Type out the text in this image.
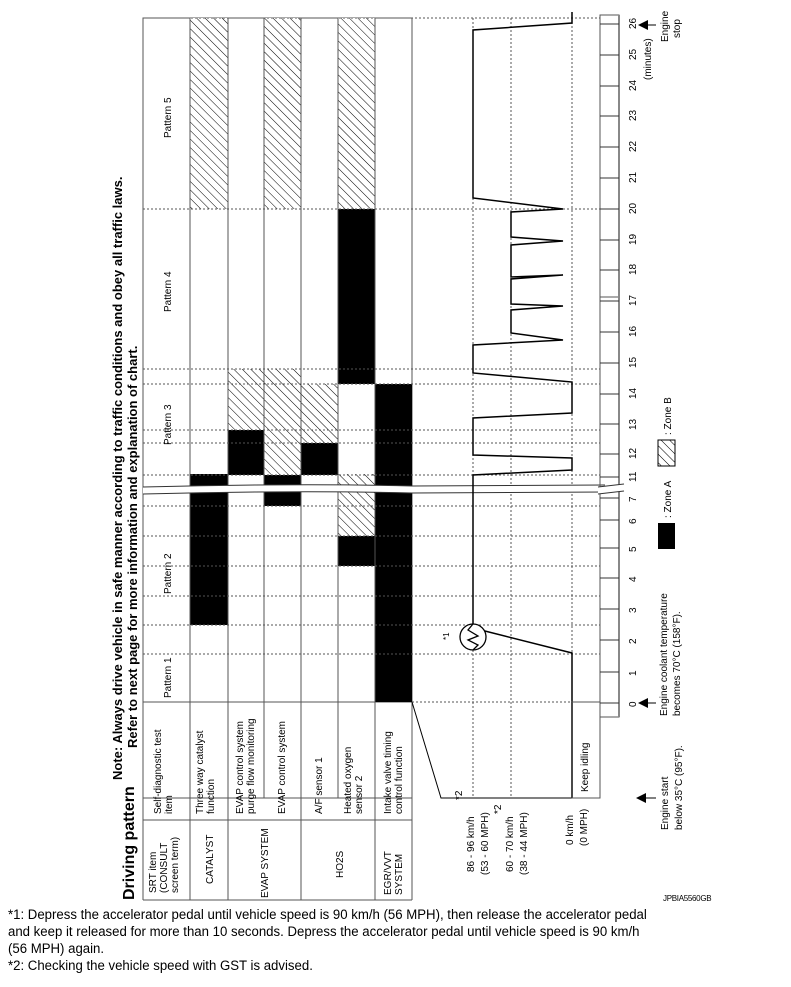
Driving pattern
Note: Always drive vehicle in safe manner according to traffic conditions and obey all traffic laws. Refer to next page for more information and explanation of chart. Pattern 1
Pattern 2
Pattern 3
Pattern 4
Pattern 5
SRT item (CONSULT screen term)
Self-diagnostic test item
CATALYST
Three way catalyst function
EVAP SYSTEM
EVAP control system purge flow monitoring EVAP control system
HO2S
A/F sensor 1 Heated oxygen sensor 2
EGR/VVT SYSTEM
Intake valve timing control function
*1
Keep idling
*2
86 - 96 km/h (53 - 60 MPH)
*2
60 - 70 km/h (38 - 44 MPH)	0 km/h (0 MPH)
0
1
2
3
4
5
6
7
11
12
13
14
15
16
17
18
19
20
21
22
23
24
25
26
(minutes)
Engine stop
Engine coolant temperature becomes 70°C (158°F).
Engine start below 35°C (95°F).
: Zone A
: Zone B
JPBIA5560GB
*1: Depress the accelerator pedal until vehicle speed is 90 km/h (56 MPH), then release the accelerator pedal
and keep it released for more than 10 seconds. Depress the accelerator pedal until vehicle speed is 90 km/h
(56 MPH) again.
*2: Checking the vehicle speed with GST is advised.
